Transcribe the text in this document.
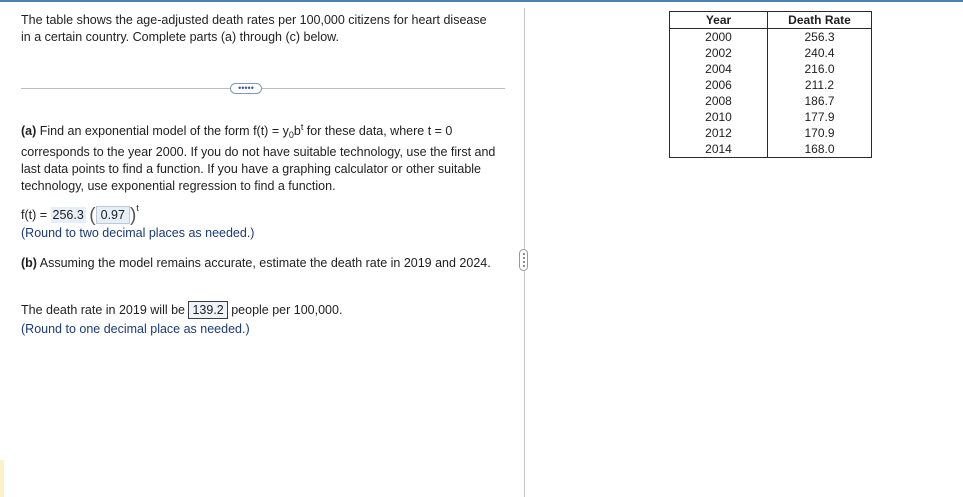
The table shows the age-adjusted death rates per 100,000 citizens for heart disease in a certain country. Complete parts (a) through (c) below.

•••••

(a) Find an exponential model of the form $f(t) = y_0b^t$ for these data, where t = 0 corresponds to the year 2000. If you do not have suitable technology, use the first and last data points to find a function. If you have a graphing calculator or other suitable technology, use exponential regression to find a function.

f(t) = 256.3 ( 0.97 )$^t$
(Round to two decimal places as needed.)

(b) Assuming the model remains accurate, estimate the death rate in 2019 and 2024.

The death rate in 2019 will be 139.2 people per 100,000.
(Round to one decimal place as needed.)
Year	Death Rate
2000	256.3
2002	240.4
2004	216.0
2006	211.2
2008	186.7
2010	177.9
2012	170.9
2014	168.0
